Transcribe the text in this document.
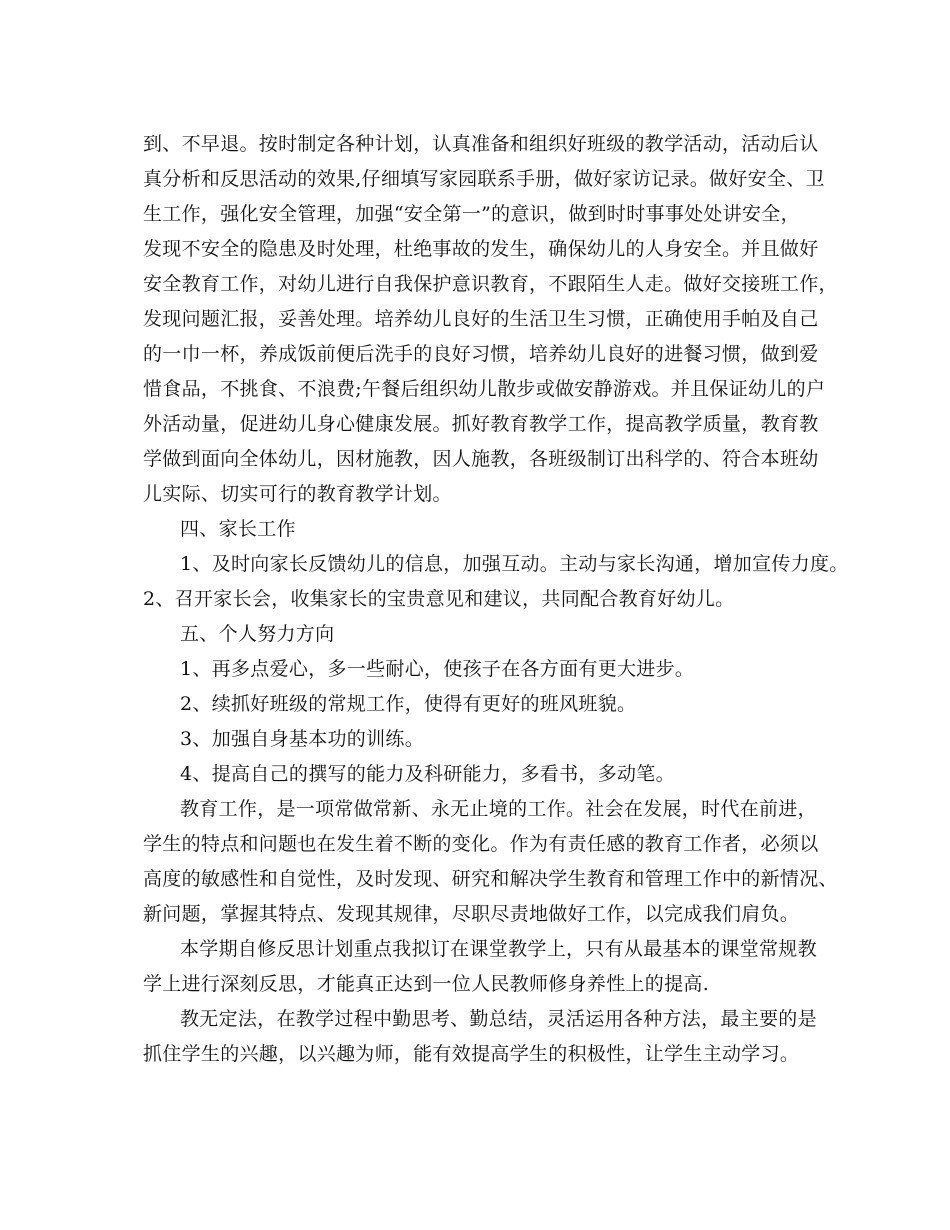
到、不早退。按时制定各种计划，认真准备和组织好班级的教学活动，活动后认
真分析和反思活动的效果,仔细填写家园联系手册，做好家访记录。做好安全、卫
生工作，强化安全管理，加强“安全第一”的意识，做到时时事事处处讲安全，
发现不安全的隐患及时处理，杜绝事故的发生，确保幼儿的人身安全。并且做好
安全教育工作，对幼儿进行自我保护意识教育，不跟陌生人走。做好交接班工作，
发现问题汇报，妥善处理。培养幼儿良好的生活卫生习惯，正确使用手帕及自己
的一巾一杯，养成饭前便后洗手的良好习惯，培养幼儿良好的进餐习惯，做到爱
惜食品，不挑食、不浪费;午餐后组织幼儿散步或做安静游戏。并且保证幼儿的户
外活动量，促进幼儿身心健康发展。抓好教育教学工作，提高教学质量，教育教
学做到面向全体幼儿，因材施教，因人施教，各班级制订出科学的、符合本班幼
儿实际、切实可行的教育教学计划。
四、家长工作
1、及时向家长反馈幼儿的信息，加强互动。主动与家长沟通，增加宣传力度。
2、召开家长会，收集家长的宝贵意见和建议，共同配合教育好幼儿。
五、个人努力方向
1、再多点爱心，多一些耐心，使孩子在各方面有更大进步。
2、续抓好班级的常规工作，使得有更好的班风班貌。
3、加强自身基本功的训练。
4、提高自己的撰写的能力及科研能力，多看书，多动笔。
教育工作，是一项常做常新、永无止境的工作。社会在发展，时代在前进，
学生的特点和问题也在发生着不断的变化。作为有责任感的教育工作者，必须以
高度的敏感性和自觉性，及时发现、研究和解决学生教育和管理工作中的新情况、
新问题，掌握其特点、发现其规律，尽职尽责地做好工作，以完成我们肩负。
本学期自修反思计划重点我拟订在课堂教学上，只有从最基本的课堂常规教
学上进行深刻反思，才能真正达到一位人民教师修身养性上的提高.
教无定法，在教学过程中勤思考、勤总结，灵活运用各种方法，最主要的是
抓住学生的兴趣，以兴趣为师，能有效提高学生的积极性，让学生主动学习。
